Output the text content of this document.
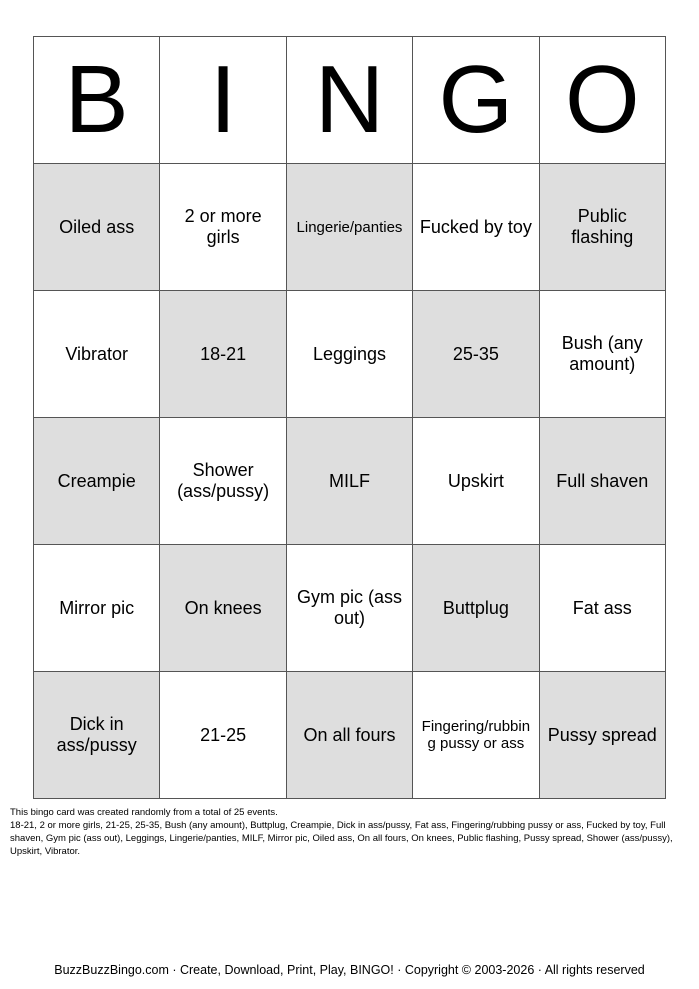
B	I	N	G	O

Oiled ass	2 or more girls	Lingerie/panties	Fucked by toy	Public flashing

Vibrator	18-21	Leggings	25-35	Bush (any amount)

Creampie	Shower (ass/pussy)	MILF	Upskirt	Full shaven

Mirror pic	On knees	Gym pic (ass out)	Buttplug	Fat ass

Dick in ass/pussy	21-25	On all fours	Fingering/rubbing pussy or ass	Pussy spread

This bingo card was created randomly from a total of 25 events.

18-21, 2 or more girls, 21-25, 25-35, Bush (any amount), Buttplug, Creampie, Dick in ass/pussy, Fat ass, Fingering/rubbing pussy or ass, Fucked by toy, Full shaven, Gym pic (ass out), Leggings, Lingerie/panties, MILF, Mirror pic, Oiled ass, On all fours, On knees, Public flashing, Pussy spread, Shower (ass/pussy), Upskirt, Vibrator.

BuzzBuzzBingo.com · Create, Download, Print, Play, BINGO! · Copyright © 2003-2026 · All rights reserved
